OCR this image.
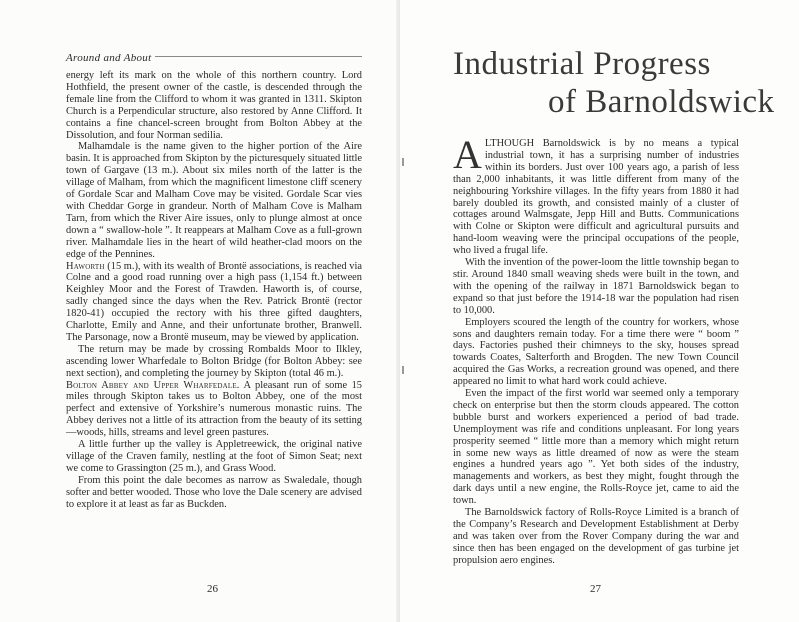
Around and About

energy left its mark on the whole of this northern country. Lord Hothfield, the present owner of the castle, is descended through the female line from the Clifford to whom it was granted in 1311. Skipton Church is a Perpendicular structure, also restored by Anne Clifford. It contains a fine chancel-screen brought from Bolton Abbey at the Dissolution, and four Norman sedilia.

Malhamdale is the name given to the higher portion of the Aire basin. It is approached from Skipton by the picturesquely situated little town of Gargave (13 m.). About six miles north of the latter is the village of Malham, from which the magnificent limestone cliff scenery of Gordale Scar and Malham Cove may be visited. Gordale Scar vies with Cheddar Gorge in grandeur. North of Malham Cove is Malham Tarn, from which the River Aire issues, only to plunge almost at once down a “ swallow-hole ”. It reappears at Malham Cove as a full-grown river. Malhamdale lies in the heart of wild heather-clad moors on the edge of the Pennines.

Haworth (15 m.), with its wealth of Brontë associations, is reached via Colne and a good road running over a high pass (1,154 ft.) between Keighley Moor and the Forest of Trawden. Haworth is, of course, sadly changed since the days when the Rev. Patrick Brontë (rector 1820-41) occupied the rectory with his three gifted daughters, Charlotte, Emily and Anne, and their unfortunate brother, Branwell. The Parsonage, now a Brontë museum, may be viewed by application.

The return may be made by crossing Rombalds Moor to Ilkley, ascending lower Wharfedale to Bolton Bridge (for Bolton Abbey: see next section), and completing the journey by Skipton (total 46 m.).

Bolton Abbey and Upper Wharfedale. A pleasant run of some 15 miles through Skipton takes us to Bolton Abbey, one of the most perfect and extensive of Yorkshire’s numerous monastic ruins. The Abbey derives not a little of its attraction from the beauty of its setting—woods, hills, streams and level green pastures.

A little further up the valley is Appletreewick, the original native village of the Craven family, nestling at the foot of Simon Seat; next we come to Grassington (25 m.), and Grass Wood.

From this point the dale becomes as narrow as Swaledale, though softer and better wooded. Those who love the Dale scenery are advised to explore it at least as far as Buckden.

26
Industrial Progress
of Barnoldswick

ALTHOUGH Barnoldswick is by no means a typical industrial town, it has a surprising number of industries within its borders. Just over 100 years ago, a parish of less than 2,000 inhabitants, it was little different from many of the neighbouring Yorkshire villages. In the fifty years from 1880 it had barely doubled its growth, and consisted mainly of a cluster of cottages around Walmsgate, Jepp Hill and Butts. Communications with Colne or Skipton were difficult and agricultural pursuits and hand-loom weaving were the principal occupations of the people, who lived a frugal life.

With the invention of the power-loom the little township began to stir. Around 1840 small weaving sheds were built in the town, and with the opening of the railway in 1871 Barnoldswick began to expand so that just before the 1914-18 war the population had risen to 10,000.

Employers scoured the length of the country for workers, whose sons and daughters remain today. For a time there were “ boom ” days. Factories pushed their chimneys to the sky, houses spread towards Coates, Salterforth and Brogden. The new Town Council acquired the Gas Works, a recreation ground was opened, and there appeared no limit to what hard work could achieve.

Even the impact of the first world war seemed only a temporary check on enterprise but then the storm clouds appeared. The cotton bubble burst and workers experienced a period of bad trade. Unemployment was rife and conditions unpleasant. For long years prosperity seemed “ little more than a memory which might return in some new ways as little dreamed of now as were the steam engines a hundred years ago ”. Yet both sides of the industry, managements and workers, as best they might, fought through the dark days until a new engine, the Rolls-Royce jet, came to aid the town.

The Barnoldswick factory of Rolls-Royce Limited is a branch of the Company’s Research and Development Establishment at Derby and was taken over from the Rover Company during the war and since then has been engaged on the development of gas turbine jet propulsion aero engines.

27
